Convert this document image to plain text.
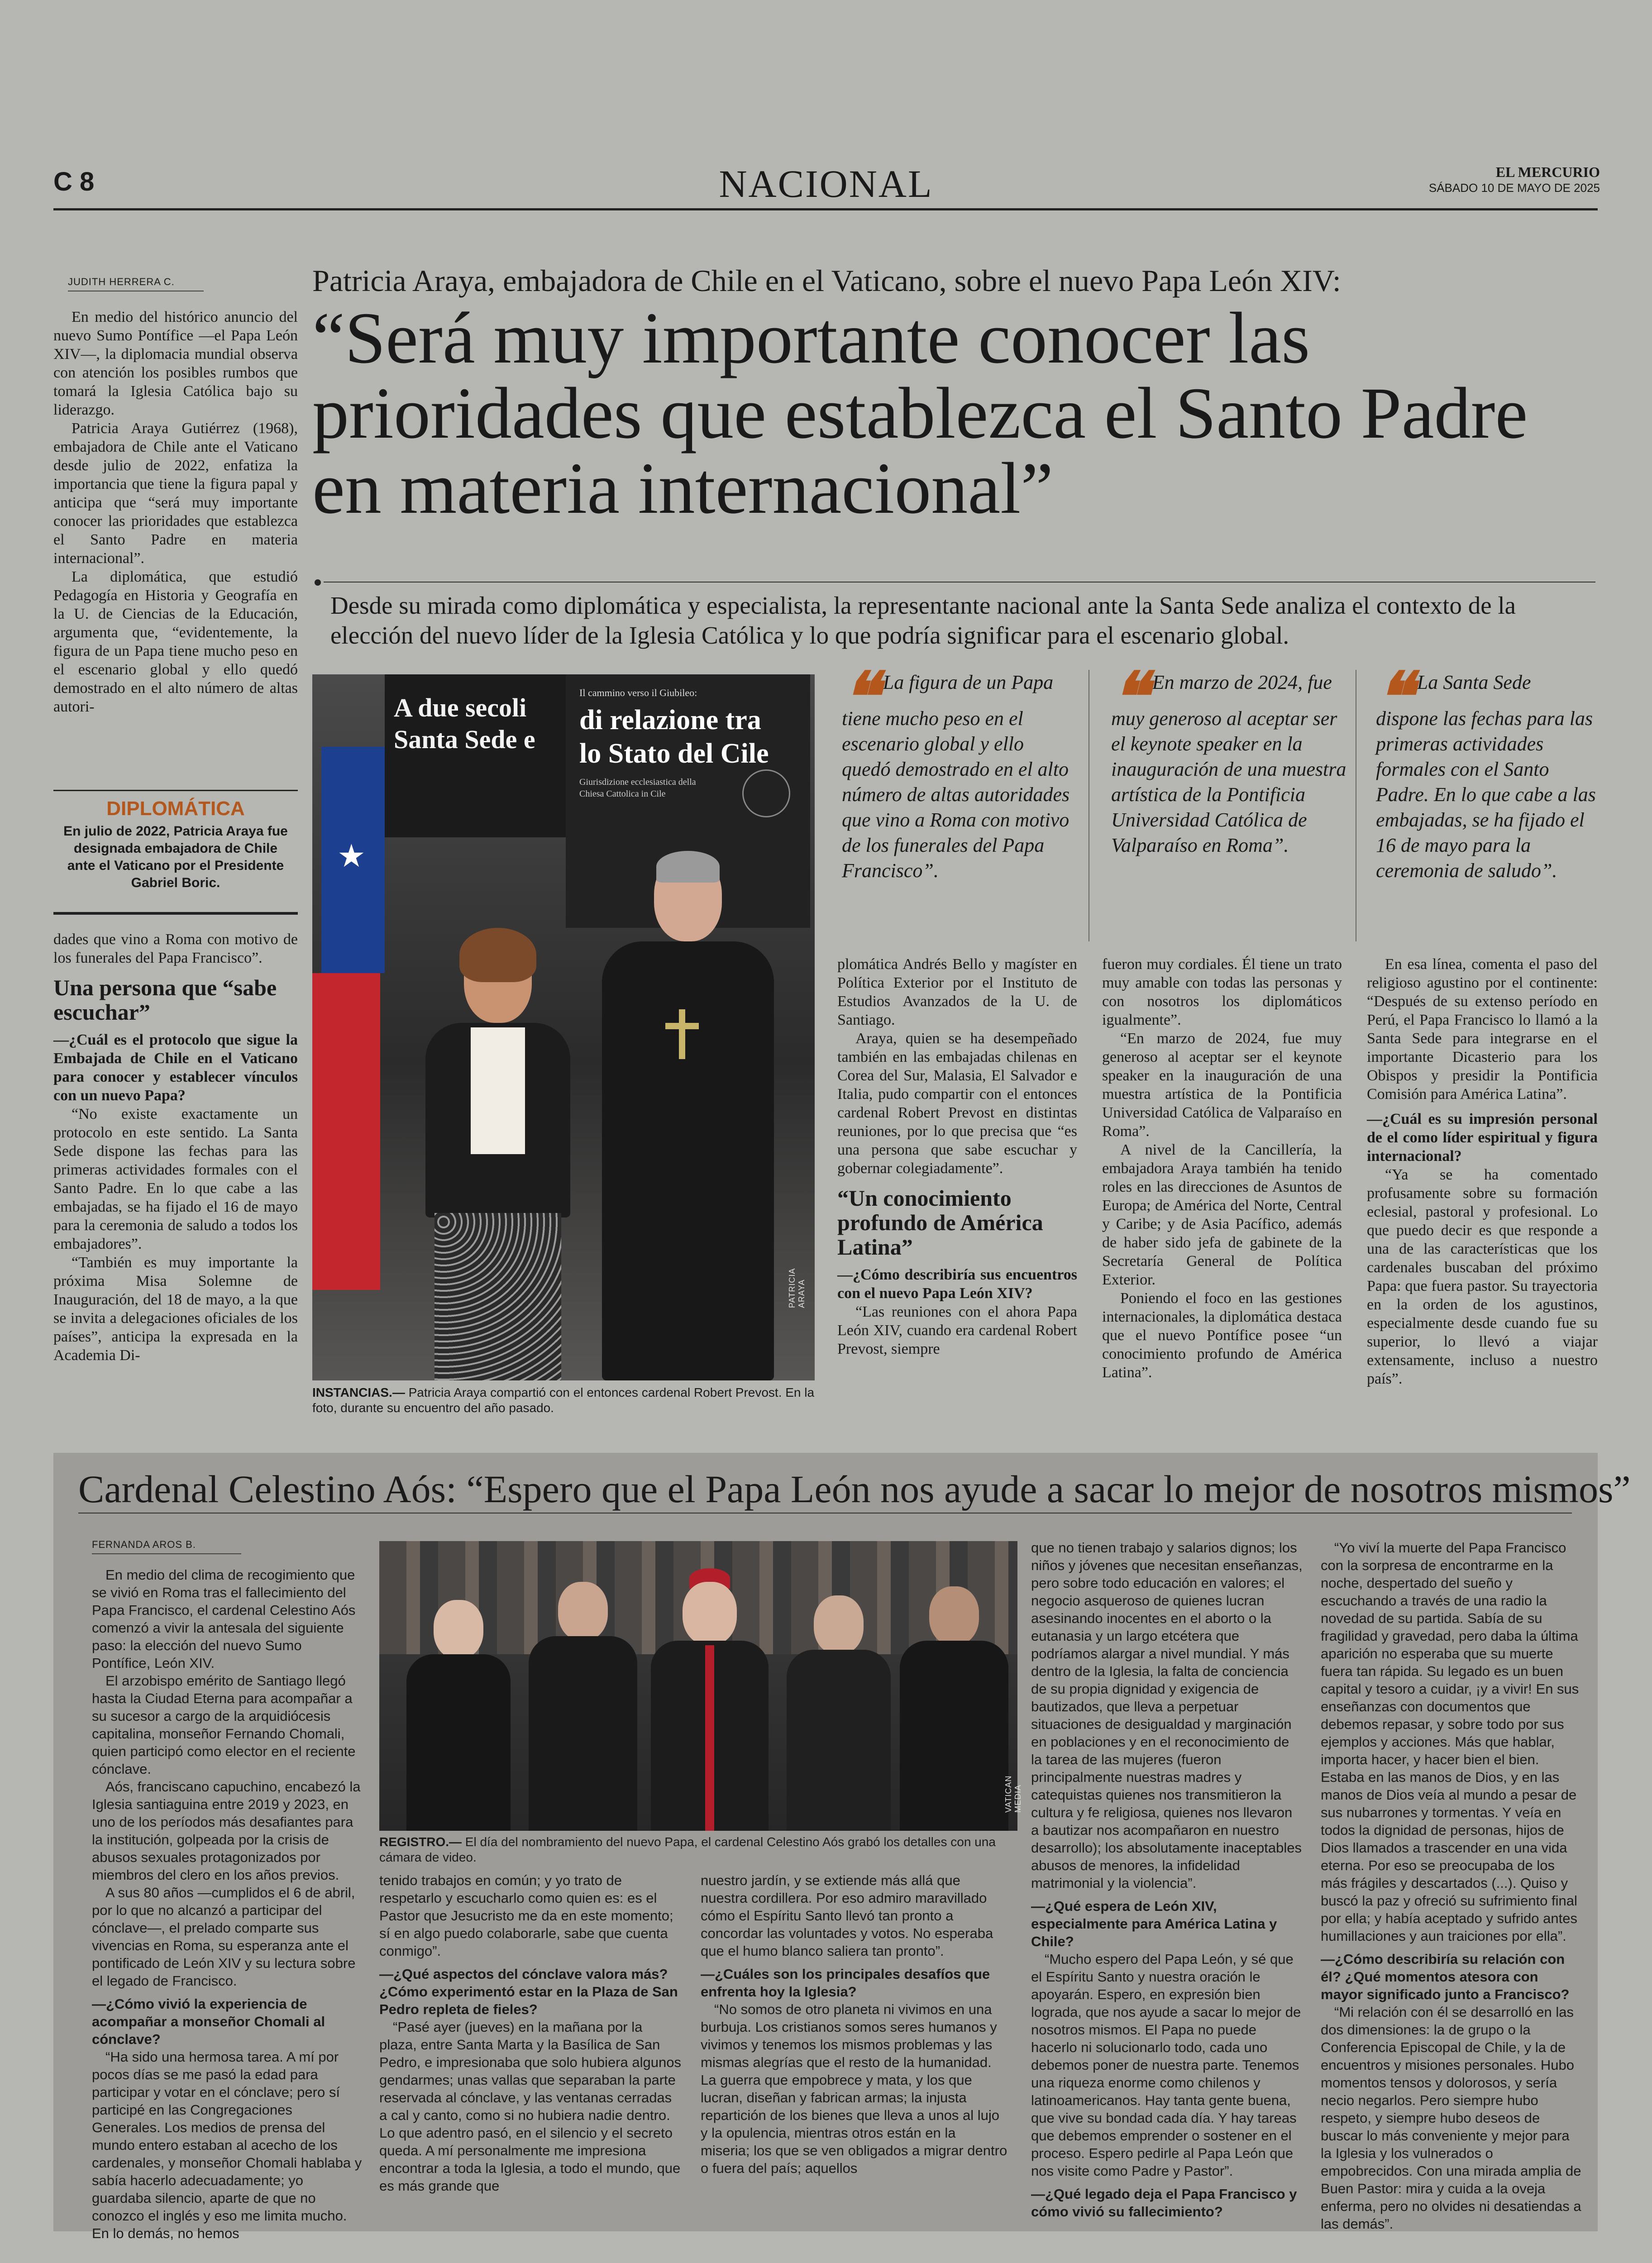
C 8	NACIONAL	EL MERCURIO
SÁBADO 10 DE MAYO DE 2025
JUDITH HERRERA C.

En medio del histórico anuncio del nuevo Sumo Pontífice —el Papa León XIV—, la diplomacia mundial observa con atención los posibles rumbos que tomará la Iglesia Católica bajo su liderazgo.

Patricia Araya Gutiérrez (1968), embajadora de Chile ante el Vaticano desde julio de 2022, enfatiza la importancia que tiene la figura papal y anticipa que “será muy importante conocer las prioridades que establezca el Santo Padre en materia internacional”.

La diplomática, que estudió Pedagogía en Historia y Geografía en la U. de Ciencias de la Educación, argumenta que, “evidentemente, la figura de un Papa tiene mucho peso en el escenario global y ello quedó demostrado en el alto número de altas autori-

DIPLOMÁTICA
En julio de 2022, Patricia Araya fue designada embajadora de Chile ante el Vaticano por el Presidente Gabriel Boric.

dades que vino a Roma con motivo de los funerales del Papa Francisco”.

Una persona que “sabe escuchar”

—¿Cuál es el protocolo que sigue la Embajada de Chile en el Vaticano para conocer y establecer vínculos con un nuevo Papa?

“No existe exactamente un protocolo en este sentido. La Santa Sede dispone las fechas para las primeras actividades formales con el Santo Padre. En lo que cabe a las embajadas, se ha fijado el 16 de mayo para la ceremonia de saludo a todos los embajadores”.

“También es muy importante la próxima Misa Solemne de Inauguración, del 18 de mayo, a la que se invita a delegaciones oficiales de los países”, anticipa la expresada en la Academia Di-

Patricia Araya, embajadora de Chile en el Vaticano, sobre el nuevo Papa León XIV:
“Será muy importante conocer las prioridades que establezca el Santo Padre en materia internacional”
Desde su mirada como diplomática y especialista, la representante nacional ante la Santa Sede analiza el contexto de la elección del nuevo líder de la Iglesia Católica y lo que podría significar para el escenario global.
A due secoli
Santa Sede e
Il cammino verso il Giubileo:
di relazione tra
lo Stato del Cile
Giurisdizione ecclesiastica della Chiesa Cattolica in Cile
★
PATRICIA ARAYA
INSTANCIAS.— Patricia Araya compartió con el entonces cardenal Robert Prevost. En la foto, durante su encuentro del año pasado.
❝ La figura de un Papa tiene mucho peso en el escenario global y ello quedó demostrado en el alto número de altas autoridades que vino a Roma con motivo de los funerales del Papa Francisco”.
❝ En marzo de 2024, fue muy generoso al aceptar ser el keynote speaker en la inauguración de una muestra artística de la Pontificia Universidad Católica de Valparaíso en Roma”.
❝ La Santa Sede dispone las fechas para las primeras actividades formales con el Santo Padre. En lo que cabe a las embajadas, se ha fijado el 16 de mayo para la ceremonia de saludo”.

plomática Andrés Bello y magíster en Política Exterior por el Instituto de Estudios Avanzados de la U. de Santiago.

Araya, quien se ha desempeñado también en las embajadas chilenas en Corea del Sur, Malasia, El Salvador e Italia, pudo compartir con el entonces cardenal Robert Prevost en distintas reuniones, por lo que precisa que “es una persona que sabe escuchar y gobernar colegiadamente”.

“Un conocimiento profundo de América Latina”

—¿Cómo describiría sus encuentros con el nuevo Papa León XIV?

“Las reuniones con el ahora Papa León XIV, cuando era cardenal Robert Prevost, siempre

fueron muy cordiales. Él tiene un trato muy amable con todas las personas y con nosotros los diplomáticos igualmente”.

“En marzo de 2024, fue muy generoso al aceptar ser el keynote speaker en la inauguración de una muestra artística de la Pontificia Universidad Católica de Valparaíso en Roma”.

A nivel de la Cancillería, la embajadora Araya también ha tenido roles en las direcciones de Asuntos de Europa; de América del Norte, Central y Caribe; y de Asia Pacífico, además de haber sido jefa de gabinete de la Secretaría General de Política Exterior.

Poniendo el foco en las gestiones internacionales, la diplomática destaca que el nuevo Pontífice posee “un conocimiento profundo de América Latina”.

En esa línea, comenta el paso del religioso agustino por el continente: “Después de su extenso período en Perú, el Papa Francisco lo llamó a la Santa Sede para integrarse en el importante Dicasterio para los Obispos y presidir la Pontificia Comisión para América Latina”.

—¿Cuál es su impresión personal de el como líder espiritual y figura internacional?

“Ya se ha comentado profusamente sobre su formación eclesial, pastoral y profesional. Lo que puedo decir es que responde a una de las características que los cardenales buscaban del próximo Papa: que fuera pastor. Su trayectoria en la orden de los agustinos, especialmente desde cuando fue su superior, lo llevó a viajar extensamente, incluso a nuestro país”.

Cardenal Celestino Aós: “Espero que el Papa León nos ayude a sacar lo mejor de nosotros mismos”
FERNANDA AROS B.
VATICAN MEDIA
REGISTRO.— El día del nombramiento del nuevo Papa, el cardenal Celestino Aós grabó los detalles con una cámara de video.

En medio del clima de recogimiento que se vivió en Roma tras el fallecimiento del Papa Francisco, el cardenal Celestino Aós comenzó a vivir la antesala del siguiente paso: la elección del nuevo Sumo Pontífice, León XIV.

El arzobispo emérito de Santiago llegó hasta la Ciudad Eterna para acompañar a su sucesor a cargo de la arquidiócesis capitalina, monseñor Fernando Chomali, quien participó como elector en el reciente cónclave.

Aós, franciscano capuchino, encabezó la Iglesia santiaguina entre 2019 y 2023, en uno de los períodos más desafiantes para la institución, golpeada por la crisis de abusos sexuales protagonizados por miembros del clero en los años previos.

A sus 80 años —cumplidos el 6 de abril, por lo que no alcanzó a participar del cónclave—, el prelado comparte sus vivencias en Roma, su esperanza ante el pontificado de León XIV y su lectura sobre el legado de Francisco.

—¿Cómo vivió la experiencia de acompañar a monseñor Chomali al cónclave?

“Ha sido una hermosa tarea. A mí por pocos días se me pasó la edad para participar y votar en el cónclave; pero sí participé en las Congregaciones Generales. Los medios de prensa del mundo entero estaban al acecho de los cardenales, y monseñor Chomali hablaba y sabía hacerlo adecuadamente; yo guardaba silencio, aparte de que no conozco el inglés y eso me limita mucho. En lo demás, no hemos

tenido trabajos en común; y yo trato de respetarlo y escucharlo como quien es: es el Pastor que Jesucristo me da en este momento; sí en algo puedo colaborarle, sabe que cuenta conmigo”.

—¿Qué aspectos del cónclave valora más? ¿Cómo experimentó estar en la Plaza de San Pedro repleta de fieles?

“Pasé ayer (jueves) en la mañana por la plaza, entre Santa Marta y la Basílica de San Pedro, e impresionaba que solo hubiera algunos gendarmes; unas vallas que separaban la parte reservada al cónclave, y las ventanas cerradas a cal y canto, como si no hubiera nadie dentro. Lo que adentro pasó, en el silencio y el secreto queda. A mí personalmente me impresiona encontrar a toda la Iglesia, a todo el mundo, que es más grande que

nuestro jardín, y se extiende más allá que nuestra cordillera. Por eso admiro maravillado cómo el Espíritu Santo llevó tan pronto a concordar las voluntades y votos. No esperaba que el humo blanco saliera tan pronto”.

—¿Cuáles son los principales desafíos que enfrenta hoy la Iglesia?

“No somos de otro planeta ni vivimos en una burbuja. Los cristianos somos seres humanos y vivimos y tenemos los mismos problemas y las mismas alegrías que el resto de la humanidad. La guerra que empobrece y mata, y los que lucran, diseñan y fabrican armas; la injusta repartición de los bienes que lleva a unos al lujo y la opulencia, mientras otros están en la miseria; los que se ven obligados a migrar dentro o fuera del país; aquellos

que no tienen trabajo y salarios dignos; los niños y jóvenes que necesitan enseñanzas, pero sobre todo educación en valores; el negocio asqueroso de quienes lucran asesinando inocentes en el aborto o la eutanasia y un largo etcétera que podríamos alargar a nivel mundial. Y más dentro de la Iglesia, la falta de conciencia de su propia dignidad y exigencia de bautizados, que lleva a perpetuar situaciones de desigualdad y marginación en poblaciones y en el reconocimiento de la tarea de las mujeres (fueron principalmente nuestras madres y catequistas quienes nos transmitieron la cultura y fe religiosa, quienes nos llevaron a bautizar nos acompañaron en nuestro desarrollo); los absolutamente inaceptables abusos de menores, la infidelidad matrimonial y la violencia”.

—¿Qué espera de León XIV, especialmente para América Latina y Chile?

“Mucho espero del Papa León, y sé que el Espíritu Santo y nuestra oración le apoyarán. Espero, en expresión bien lograda, que nos ayude a sacar lo mejor de nosotros mismos. El Papa no puede hacerlo ni solucionarlo todo, cada uno debemos poner de nuestra parte. Tenemos una riqueza enorme como chilenos y latinoamericanos. Hay tanta gente buena, que vive su bondad cada día. Y hay tareas que debemos emprender o sostener en el proceso. Espero pedirle al Papa León que nos visite como Padre y Pastor”.

—¿Qué legado deja el Papa Francisco y cómo vivió su fallecimiento?

“Yo viví la muerte del Papa Francisco con la sorpresa de encontrarme en la noche, despertado del sueño y escuchando a través de una radio la novedad de su partida. Sabía de su fragilidad y gravedad, pero daba la última aparición no esperaba que su muerte fuera tan rápida. Su legado es un buen capital y tesoro a cuidar, ¡y a vivir! En sus enseñanzas con documentos que debemos repasar, y sobre todo por sus ejemplos y acciones. Más que hablar, importa hacer, y hacer bien el bien. Estaba en las manos de Dios, y en las manos de Dios veía al mundo a pesar de sus nubarrones y tormentas. Y veía en todos la dignidad de personas, hijos de Dios llamados a trascender en una vida eterna. Por eso se preocupaba de los más frágiles y descartados (...). Quiso y buscó la paz y ofreció su sufrimiento final por ella; y había aceptado y sufrido antes humillaciones y aun traiciones por ella”.

—¿Cómo describiría su relación con él? ¿Qué momentos atesora con mayor significado junto a Francisco?

“Mi relación con él se desarrolló en las dos dimensiones: la de grupo o la Conferencia Episcopal de Chile, y la de encuentros y misiones personales. Hubo momentos tensos y dolorosos, y sería necio negarlos. Pero siempre hubo respeto, y siempre hubo deseos de buscar lo más conveniente y mejor para la Iglesia y los vulnerados o empobrecidos. Con una mirada amplia de Buen Pastor: mira y cuida a la oveja enferma, pero no olvides ni desatiendas a las demás”.
